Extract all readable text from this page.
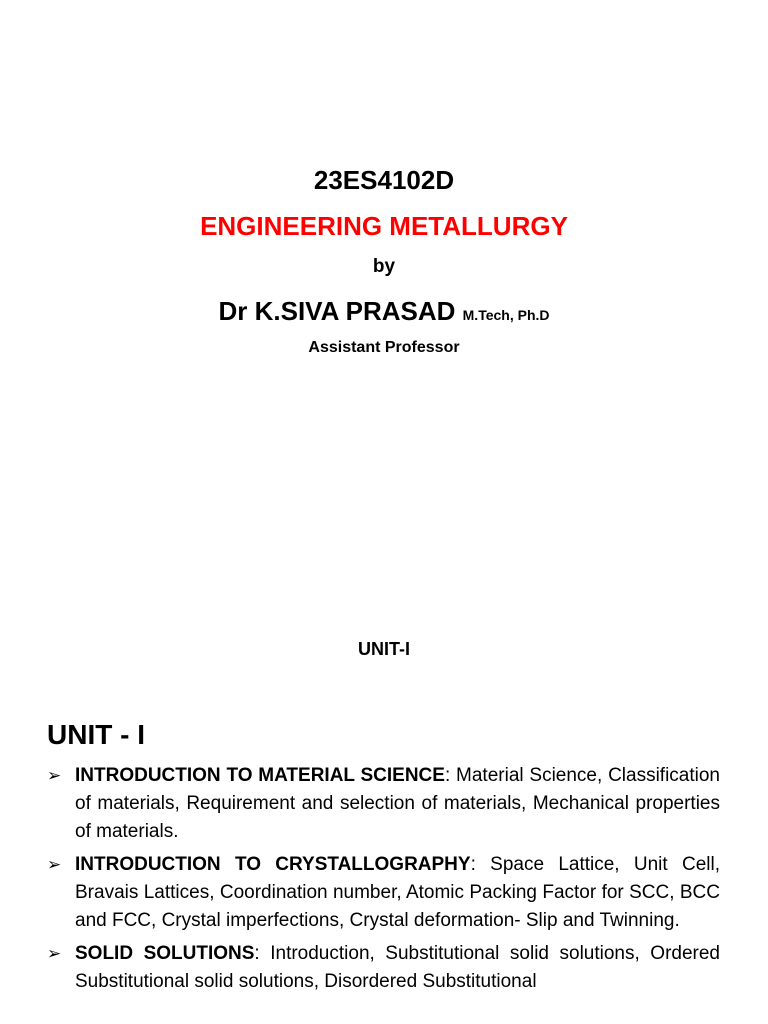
23ES4102D
ENGINEERING METALLURGY
by
Dr K.SIVA PRASAD M.Tech, Ph.D
Assistant Professor
UNIT-I
UNIT - I
➢ INTRODUCTION TO MATERIAL SCIENCE: Material Science, Classification of materials, Requirement and selection of materials, Mechanical properties of materials.
➢ INTRODUCTION TO CRYSTALLOGRAPHY: Space Lattice, Unit Cell, Bravais Lattices, Coordination number, Atomic Packing Factor for SCC, BCC and FCC, Crystal imperfections, Crystal deformation- Slip and Twinning.
➢ SOLID SOLUTIONS: Introduction, Substitutional solid solutions, Ordered Substitutional solid solutions, Disordered Substitutional
